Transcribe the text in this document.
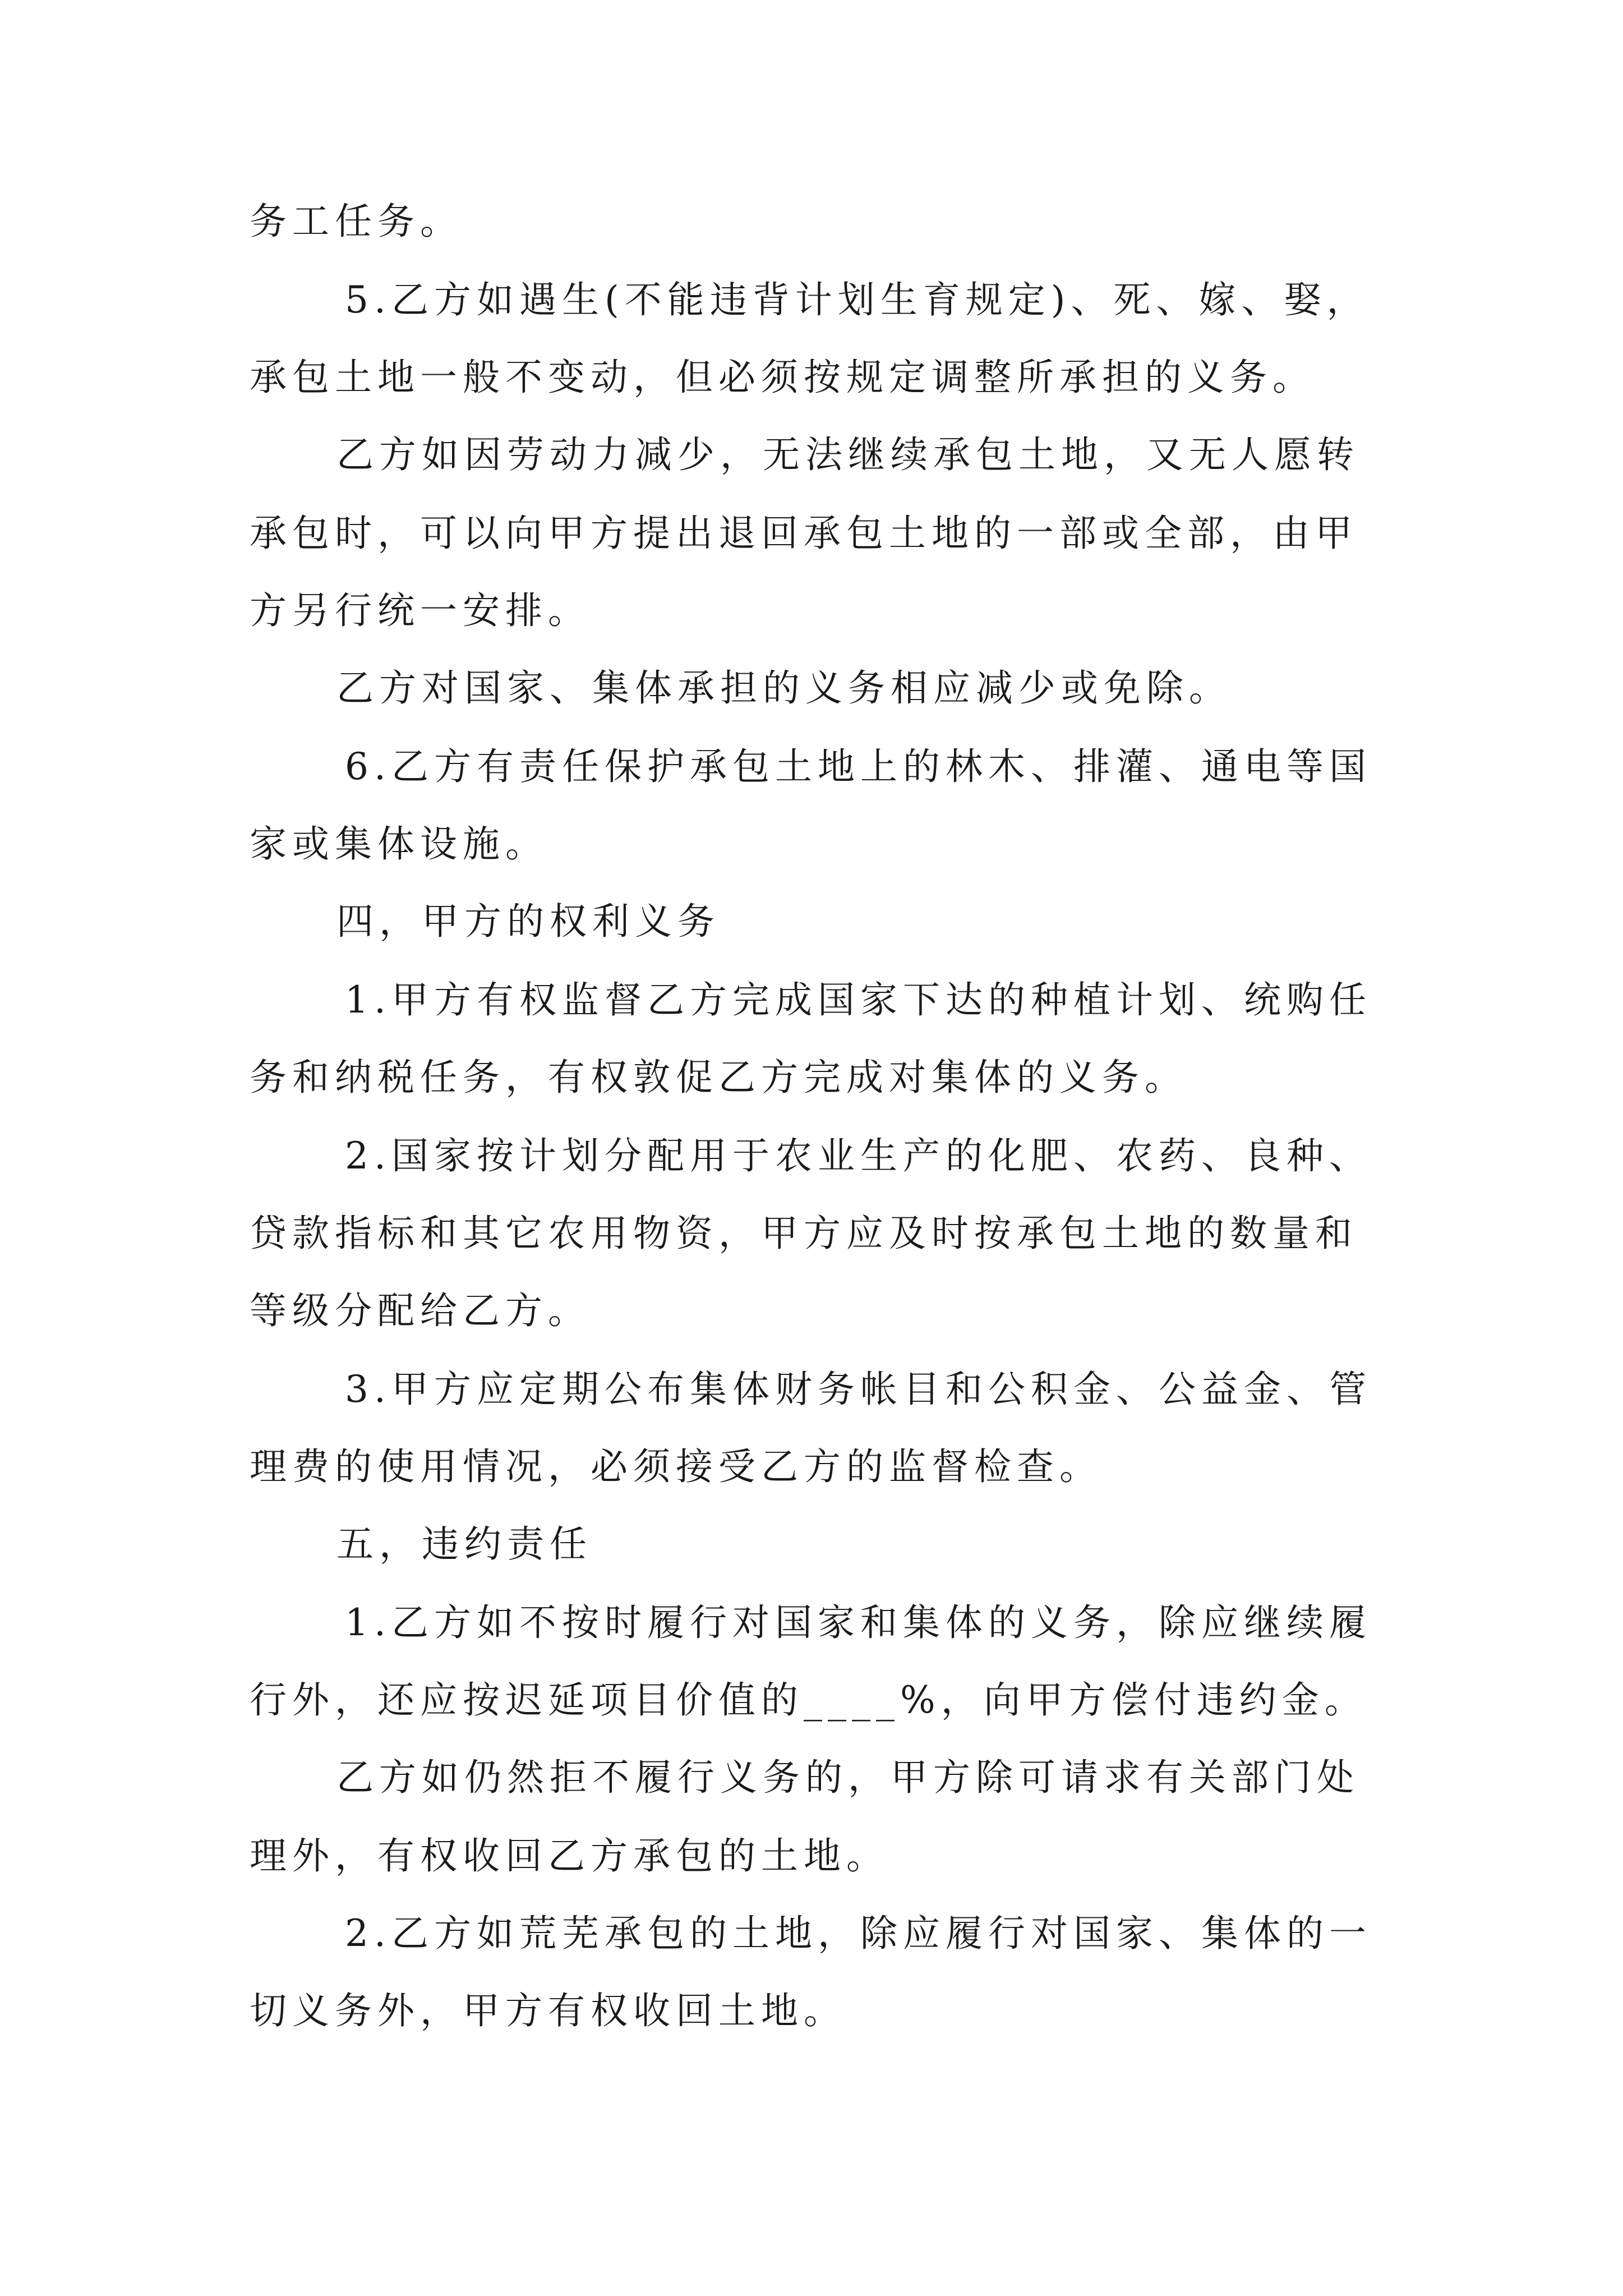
务工任务。

5.乙方如遇生(不能违背计划生育规定)、死、嫁、娶，

承包土地一般不变动，但必须按规定调整所承担的义务。

乙方如因劳动力减少，无法继续承包土地，又无人愿转

承包时，可以向甲方提出退回承包土地的一部或全部，由甲

方另行统一安排。

乙方对国家、集体承担的义务相应减少或免除。

6.乙方有责任保护承包土地上的林木、排灌、通电等国

家或集体设施。

四，甲方的权利义务

1.甲方有权监督乙方完成国家下达的种植计划、统购任

务和纳税任务，有权敦促乙方完成对集体的义务。

2.国家按计划分配用于农业生产的化肥、农药、良种、

贷款指标和其它农用物资，甲方应及时按承包土地的数量和

等级分配给乙方。

3.甲方应定期公布集体财务帐目和公积金、公益金、管

理费的使用情况，必须接受乙方的监督检查。

五，违约责任

1.乙方如不按时履行对国家和集体的义务，除应继续履

行外，还应按迟延项目价值的____%，向甲方偿付违约金。

乙方如仍然拒不履行义务的，甲方除可请求有关部门处

理外，有权收回乙方承包的土地。

2.乙方如荒芜承包的土地，除应履行对国家、集体的一

切义务外，甲方有权收回土地。
